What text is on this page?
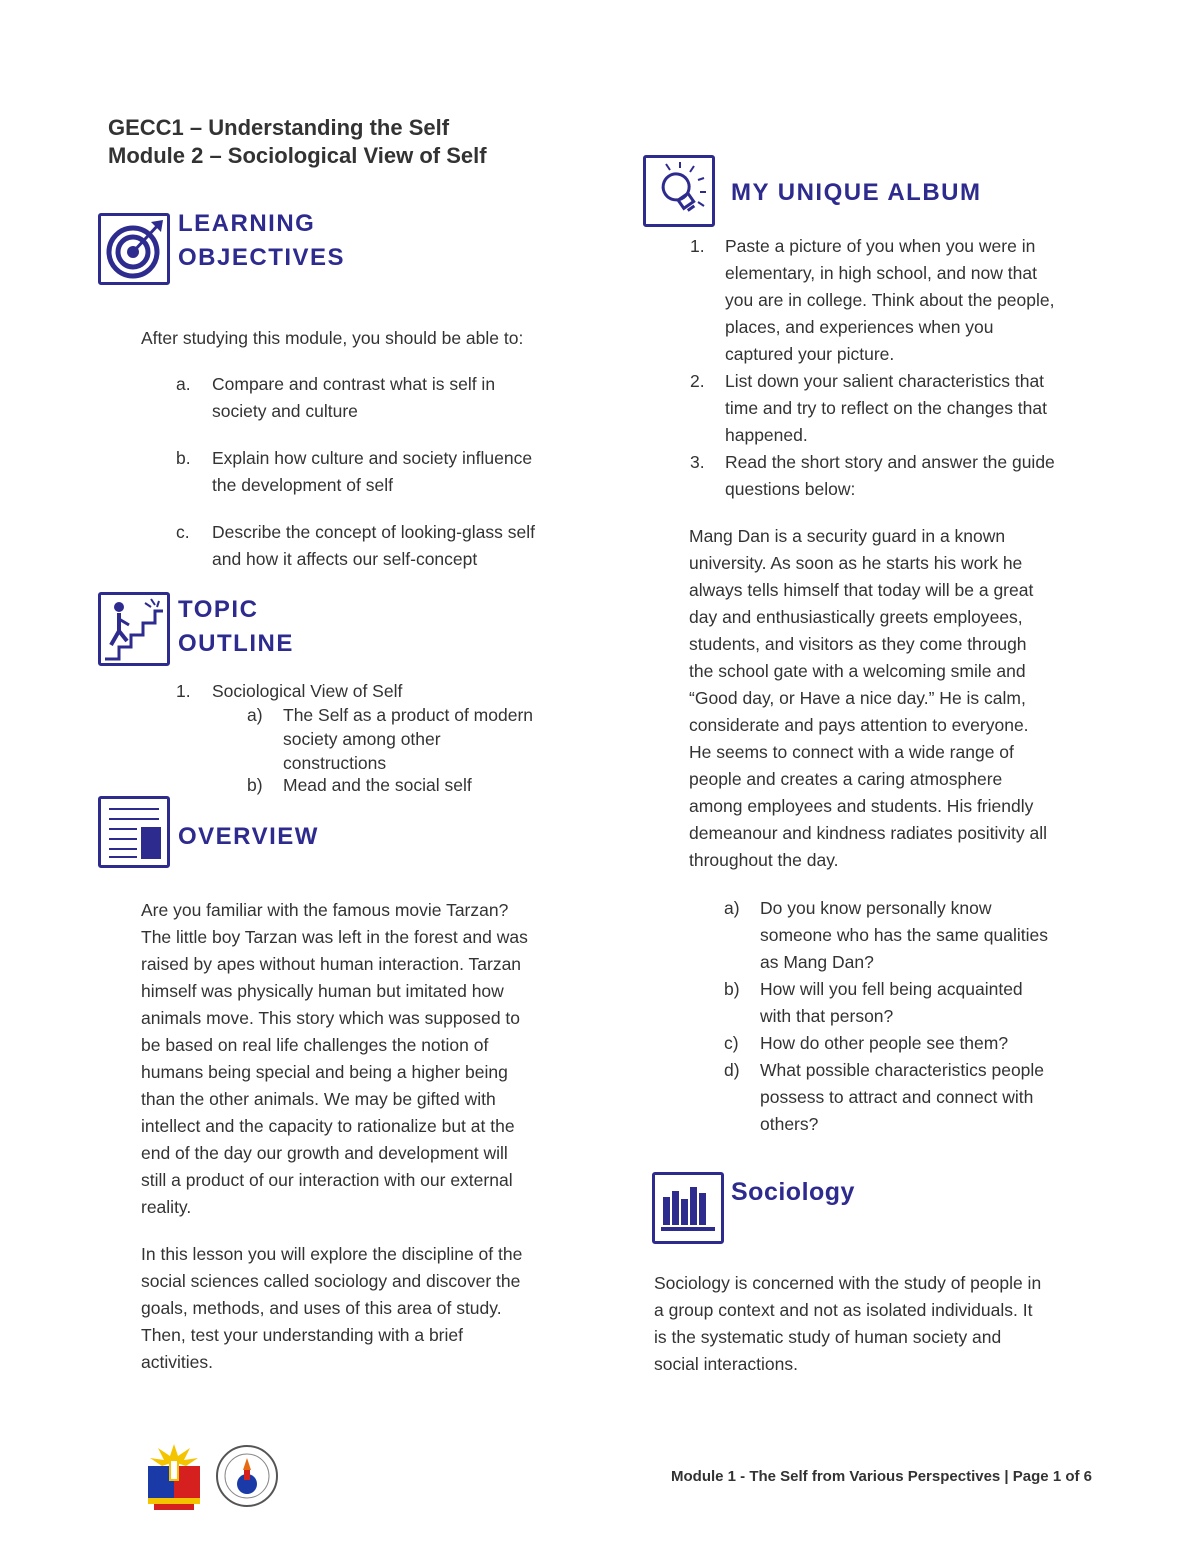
GECC1 – Understanding the Self
Module 2 – Sociological View of Self
LEARNING
OBJECTIVES
After studying this module, you should be able to:
a. Compare and contrast what is self in
society and culture
b. Explain how culture and society influence
the development of self
c. Describe the concept of looking-glass self
and how it affects our self-concept
TOPIC
OUTLINE
1. Sociological View of Self
a) The Self as a product of modern
society among other
constructions
b) Mead and the social self
OVERVIEW
Are you familiar with the famous movie Tarzan?
The little boy Tarzan was left in the forest and was
raised by apes without human interaction. Tarzan
himself was physically human but imitated how
animals move. This story which was supposed to
be based on real life challenges the notion of
humans being special and being a higher being
than the other animals. We may be gifted with
intellect and the capacity to rationalize but at the
end of the day our growth and development will
still a product of our interaction with our external
reality.
In this lesson you will explore the discipline of the
social sciences called sociology and discover the
goals, methods, and uses of this area of study.
Then, test your understanding with a brief
activities.
MY UNIQUE ALBUM
1. Paste a picture of you when you were in
elementary, in high school, and now that
you are in college. Think about the people,
places, and experiences when you
captured your picture.
2. List down your salient characteristics that
time and try to reflect on the changes that
happened.
3. Read the short story and answer the guide
questions below:
Mang Dan is a security guard in a known
university. As soon as he starts his work he
always tells himself that today will be a great
day and enthusiastically greets employees,
students, and visitors as they come through
the school gate with a welcoming smile and
“Good day, or Have a nice day.” He is calm,
considerate and pays attention to everyone.
He seems to connect with a wide range of
people and creates a caring atmosphere
among employees and students. His friendly
demeanour and kindness radiates positivity all
throughout the day.
a) Do you know personally know
someone who has the same qualities
as Mang Dan?
b) How will you fell being acquainted
with that person?
c) How do other people see them?
d) What possible characteristics people
possess to attract and connect with
others?
Sociology
Sociology is concerned with the study of people in
a group context and not as isolated individuals. It
is the systematic study of human society and
social interactions.
Module 1 - The Self from Various Perspectives | Page 1 of 6
